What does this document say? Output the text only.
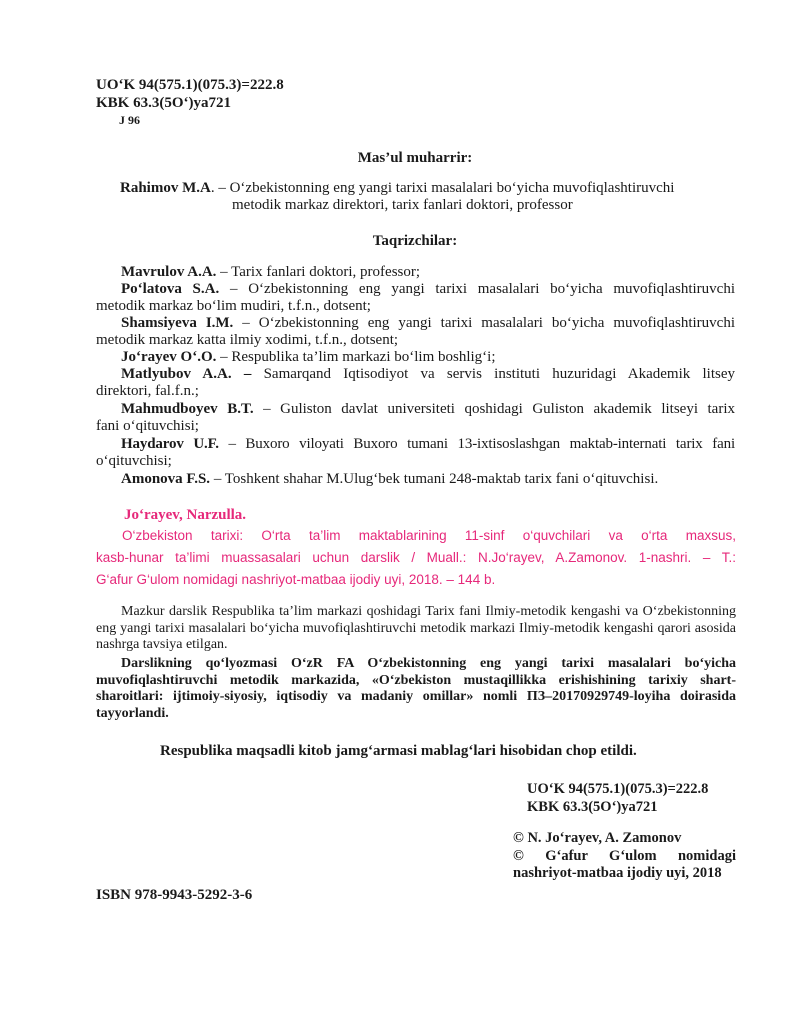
UO‘K 94(575.1)(075.3)=222.8
KBK 63.3(5O‘)ya721
J 96
Mas’ul muharrir:
Rahimov M.A. – O‘zbekistonning eng yangi tarixi masalalari bo‘yicha muvofiqlashtiruvchi
metodik markaz direktori, tarix fanlari doktori, professor
Taqrizchilar:
Mavrulov A.A. – Tarix fanlari doktori, professor;
Po‘latova S.A. – O‘zbekistonning eng yangi tarixi masalalari bo‘yicha muvofiqlashtiruvchi
metodik markaz bo‘lim mudiri, t.f.n., dotsent;
Shamsiyeva I.M. – O‘zbekistonning eng yangi tarixi masalalari bo‘yicha muvofiqlashtiruvchi
metodik markaz katta ilmiy xodimi, t.f.n., dotsent;
Jo‘rayev O‘.O. – Respublika ta’lim markazi bo‘lim boshlig‘i;
Matlyubov A.A. – Samarqand Iqtisodiyot va servis instituti huzuridagi Akademik litsey
direktori, fal.f.n.;
Mahmudboyev B.T. – Guliston davlat universiteti qoshidagi Guliston akademik litseyi tarix
fani o‘qituvchisi;
Haydarov U.F. – Buxoro viloyati Buxoro tumani 13-ixtisoslashgan maktab-internati tarix fani
o‘qituvchisi;
Amonova F.S. – Toshkent shahar M.Ulug‘bek tumani 248-maktab tarix fani o‘qituvchisi.
Jo‘rayev, Narzulla.
O‘zbekiston tarixi: O‘rta ta’lim maktablarining 11-sinf o‘quvchilari va o‘rta maxsus,
kasb-hunar ta’limi muassasalari uchun darslik / Muall.: N.Jo‘rayev, A.Zamonov. 1-nashri. – T.:
G‘afur G‘ulom nomidagi nashriyot-matbaa ijodiy uyi, 2018. – 144 b.
Mazkur darslik Respublika ta’lim markazi qoshidagi Tarix fani Ilmiy-metodik kengashi va O‘zbekistonning eng yangi tarixi masalalari bo‘yicha muvofiqlashtiruvchi metodik markazi Ilmiy-metodik kengashi qarori asosida nashrga tavsiya etilgan.
Darslikning qo‘lyozmasi O‘zR FA O‘zbekistonning eng yangi tarixi masalalari bo‘yicha muvofiqlashtiruvchi metodik markazida, «O‘zbekiston mustaqillikka erishishining tarixiy shart-sharoitlari: ijtimoiy-siyosiy, iqtisodiy va madaniy omillar» nomli ПЗ–20170929749-loyiha doirasida tayyorlandi.
Respublika maqsadli kitob jamg‘armasi mablag‘lari hisobidan chop etildi.
UO‘K 94(575.1)(075.3)=222.8
KBK 63.3(5O‘)ya721
© N. Jo‘rayev, A. Zamonov
© G‘afur G‘ulom nomidagi nashriyot-matbaa ijodiy uyi, 2018
ISBN 978-9943-5292-3-6
